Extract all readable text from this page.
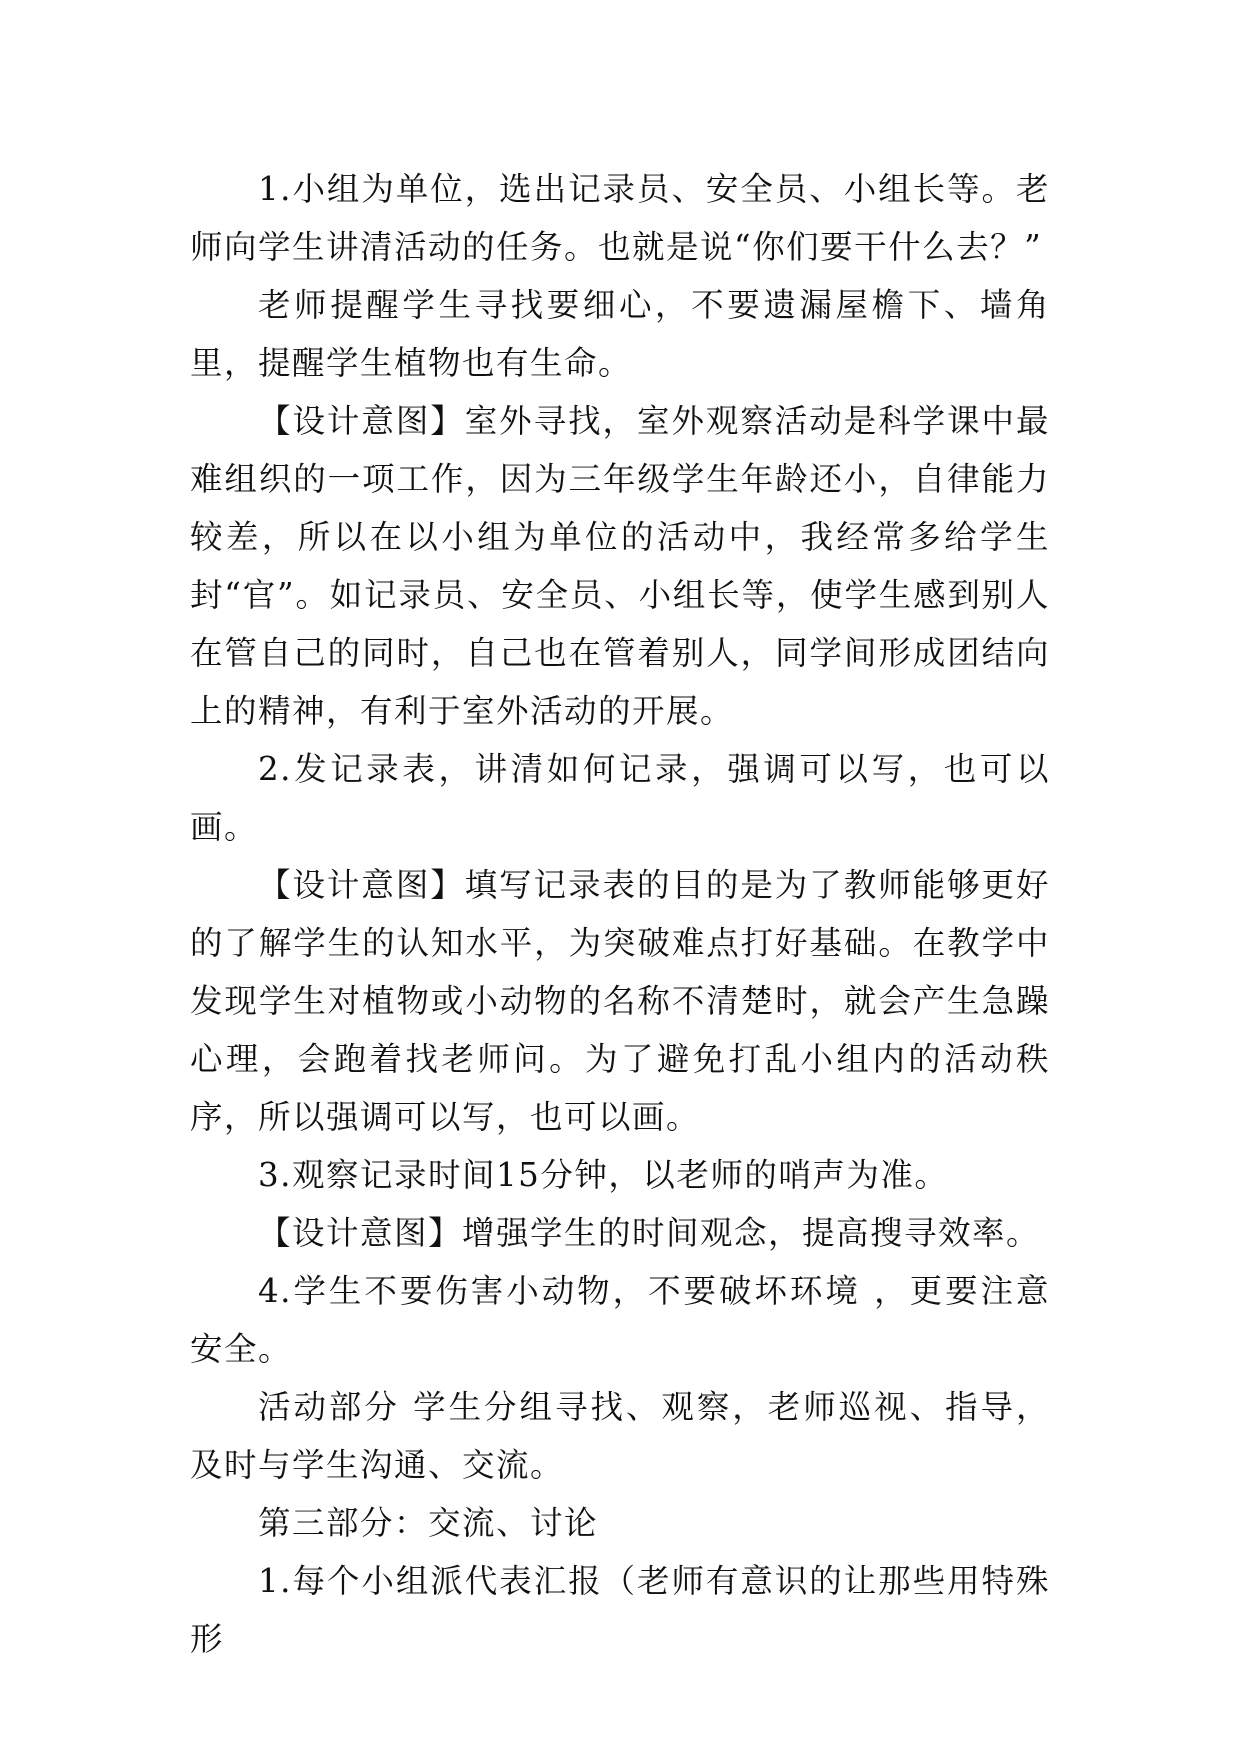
1.小组为单位，选出记录员、安全员、小组长等。老师向学生讲清活动的任务。也就是说“你们要干什么去？”

老师提醒学生寻找要细心，不要遗漏屋檐下、墙角里，提醒学生植物也有生命。

【设计意图】室外寻找，室外观察活动是科学课中最难组织的一项工作，因为三年级学生年龄还小，自律能力较差，所以在以小组为单位的活动中，我经常多给学生封“官”。如记录员、安全员、小组长等，使学生感到别人在管自己的同时，自己也在管着别人，同学间形成团结向上的精神，有利于室外活动的开展。

2.发记录表，讲清如何记录，强调可以写，也可以画。

【设计意图】填写记录表的目的是为了教师能够更好的了解学生的认知水平，为突破难点打好基础。在教学中发现学生对植物或小动物的名称不清楚时，就会产生急躁心理，会跑着找老师问。为了避免打乱小组内的活动秩序，所以强调可以写，也可以画。

3.观察记录时间15分钟，以老师的哨声为准。

【设计意图】增强学生的时间观念，提高搜寻效率。

4.学生不要伤害小动物，不要破坏环境 ，更要注意安全。

活动部分 学生分组寻找、观察，老师巡视、指导，及时与学生沟通、交流。

第三部分：交流、讨论

1.每个小组派代表汇报（老师有意识的让那些用特殊形
